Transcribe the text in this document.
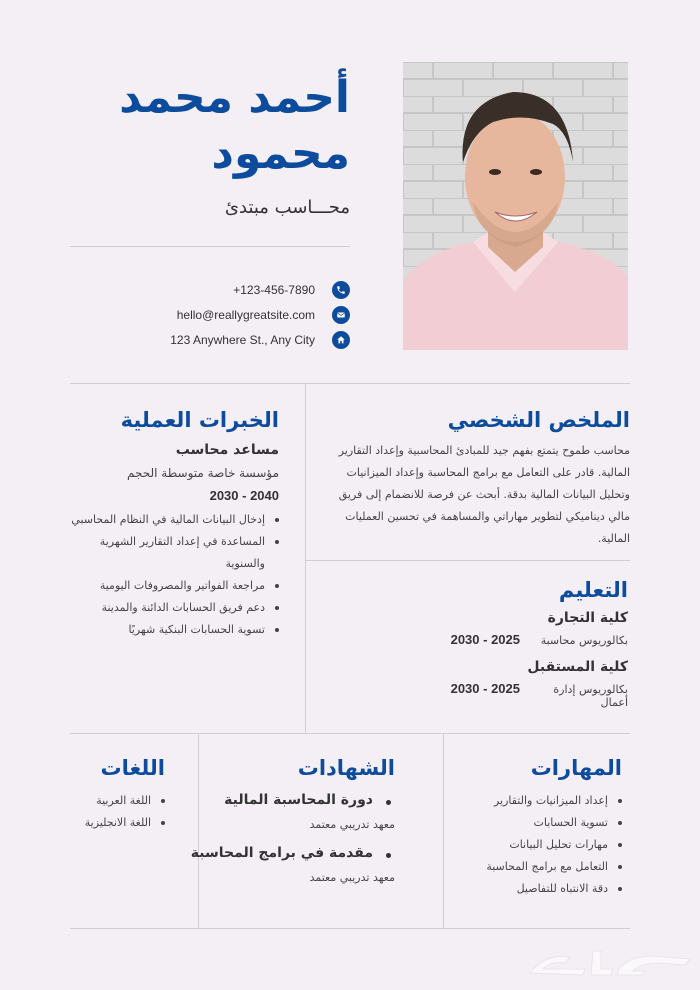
أحمد محمد
محمود
محـــاسب مبتدئ
+123-456-7890
hello@reallygreatsite.com
123 Anywhere St., Any City
الملخص الشخصي
محاسب طموح يتمتع بفهم جيد للمبادئ المحاسبية وإعداد التقارير المالية. قادر على التعامل مع برامج المحاسبة وإعداد الميزانيات وتحليل البيانات المالية بدقة. أبحث عن فرصة للانضمام إلى فريق مالي ديناميكي لتطوير مهاراتي والمساهمة في تحسين العمليات المالية.
الخبرات العملية
مساعد محاسب
مؤسسة خاصة متوسطة الحجم
2040 - 2030
إدخال البيانات المالية في النظام المحاسبي
المساعدة في إعداد التقارير الشهرية والسنوية
مراجعة الفواتير والمصروفات اليومية
دعم فريق الحسابات الدائنة والمدينة
تسوية الحسابات البنكية شهريًا
التعليم
كلية التجارة
بكالوريوس محاسبة
2030 - 2025
كلية المستقبل
بكالوريوس إدارة أعمال
2030 - 2025
المهارات
إعداد الميزانيات والتقارير
تسوية الحسابات
مهارات تحليل البيانات
التعامل مع برامج المحاسبة
دقة الانتباه للتفاصيل
الشهادات
دورة المحاسبة المالية
معهد تدريبي معتمد
مقدمة في برامج المحاسبة
معهد تدريبي معتمد
اللغات
اللغة العربية
اللغة الانجليزية
